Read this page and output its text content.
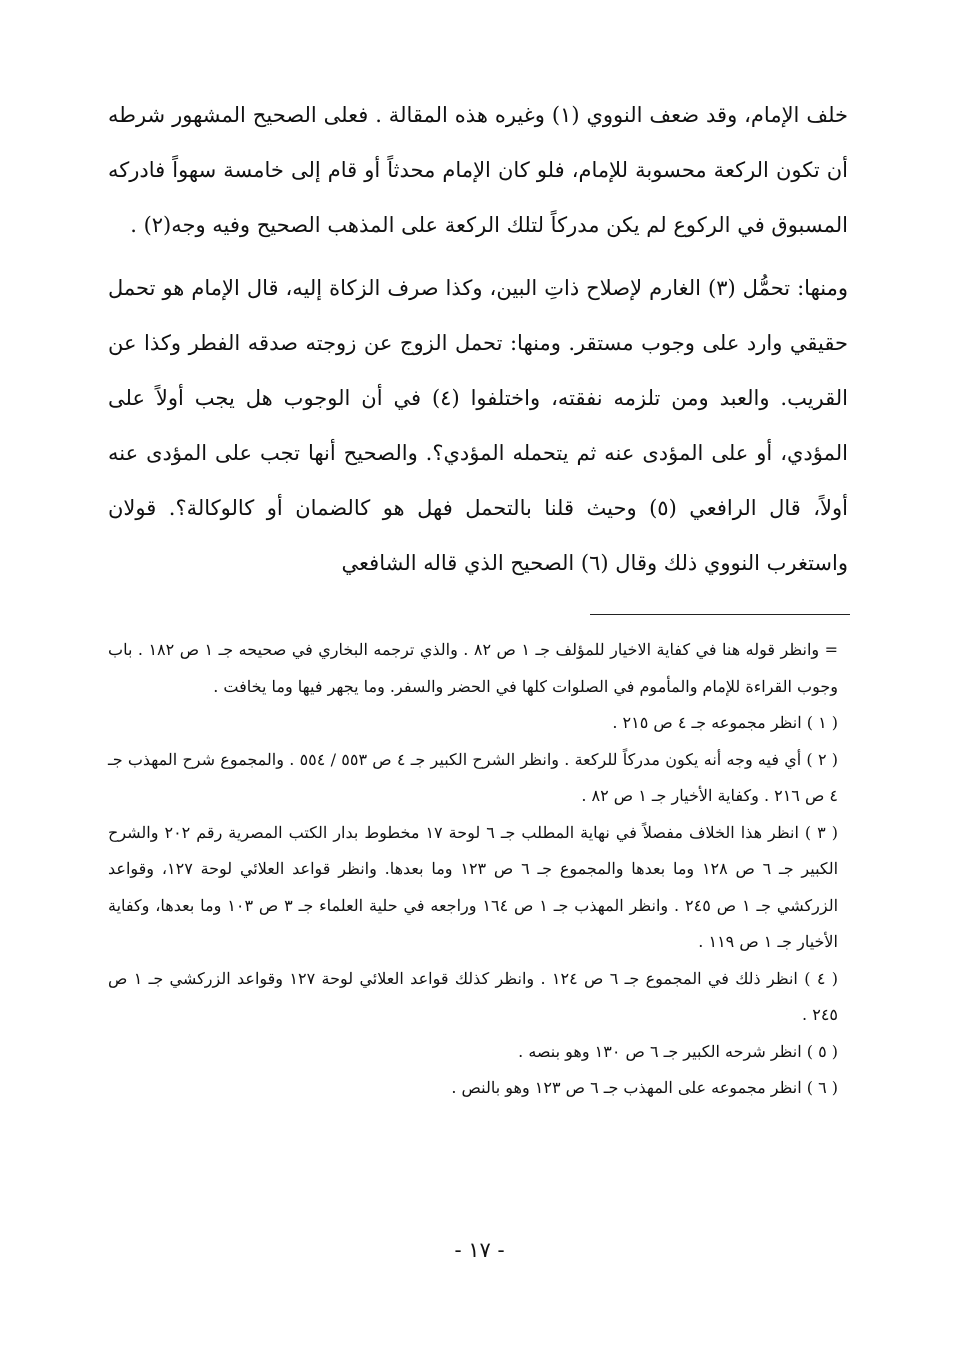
خلف الإمام، وقد ضعف النووي (١) وغيره هذه المقالة . فعلى الصحيح المشهور شرطه أن تكون الركعة محسوبة للإمام، فلو كان الإمام محدثاً أو قام إلى خامسة سهواً فادركه المسبوق في الركوع لم يكن مدركاً لتلك الركعة على المذهب الصحيح وفيه وجه(٢) .

ومنها: تحمُّل (٣) الغارم لإصلاح ذاتِ البين، وكذا صرف الزكاة إليه، قال الإمام هو تحمل حقيقي وارد على وجوب مستقر. ومنها: تحمل الزوج عن زوجته صدقه الفطر وكذا عن القريب. والعبد ومن تلزمه نفقته، واختلفوا (٤) في أن الوجوب هل يجب أولاً على المؤدي، أو على المؤدى عنه ثم يتحمله المؤدي؟. والصحيح أنها تجب على المؤدى عنه أولاً، قال الرافعي (٥) وحيث قلنا بالتحمل فهل هو كالضمان أو كالوكالة؟. قولان واستغرب النووي ذلك وقال (٦) الصحيح الذي قاله الشافعي

= وانظر قوله هنا في كفاية الاخيار للمؤلف جـ ١ ص ٨٢ . والذي ترجمه البخاري في صحيحه جـ ١ ص ١٨٢ . باب وجوب القراءة للإمام والمأموم في الصلوات كلها في الحضر والسفر. وما يجهر فيها وما يخافت .

( ١ ) انظر مجموعه جـ ٤ ص ٢١٥ .

( ٢ ) أي فيه وجه أنه يكون مدركاً للركعة . وانظر الشرح الكبير جـ ٤ ص ٥٥٣ / ٥٥٤ . والمجموع شرح المهذب جـ ٤ ص ٢١٦ . وكفاية الأخيار جـ ١ ص ٨٢ .

( ٣ ) انظر هذا الخلاف مفصلاً في نهاية المطلب جـ ٦ لوحة ١٧ مخطوط بدار الكتب المصرية رقم ٢٠٢ والشرح الكبير جـ ٦ ص ١٢٨ وما بعدها والمجموع جـ ٦ ص ١٢٣ وما بعدها. وانظر قواعد العلائي لوحة ١٢٧، وقواعد الزركشي جـ ١ ص ٢٤٥ . وانظر المهذب جـ ١ ص ١٦٤ وراجعه في حلية العلماء جـ ٣ ص ١٠٣ وما بعدها، وكفاية الأخيار جـ ١ ص ١١٩ .

( ٤ ) انظر ذلك في المجموع جـ ٦ ص ١٢٤ . وانظر كذلك قواعد العلائي لوحة ١٢٧ وقواعد الزركشي جـ ١ ص ٢٤٥ .

( ٥ ) انظر شرحه الكبير جـ ٦ ص ١٣٠ وهو بنصه .

( ٦ ) انظر مجموعه على المهذب جـ ٦ ص ١٢٣ وهو بالنص .

- ١٧ -
